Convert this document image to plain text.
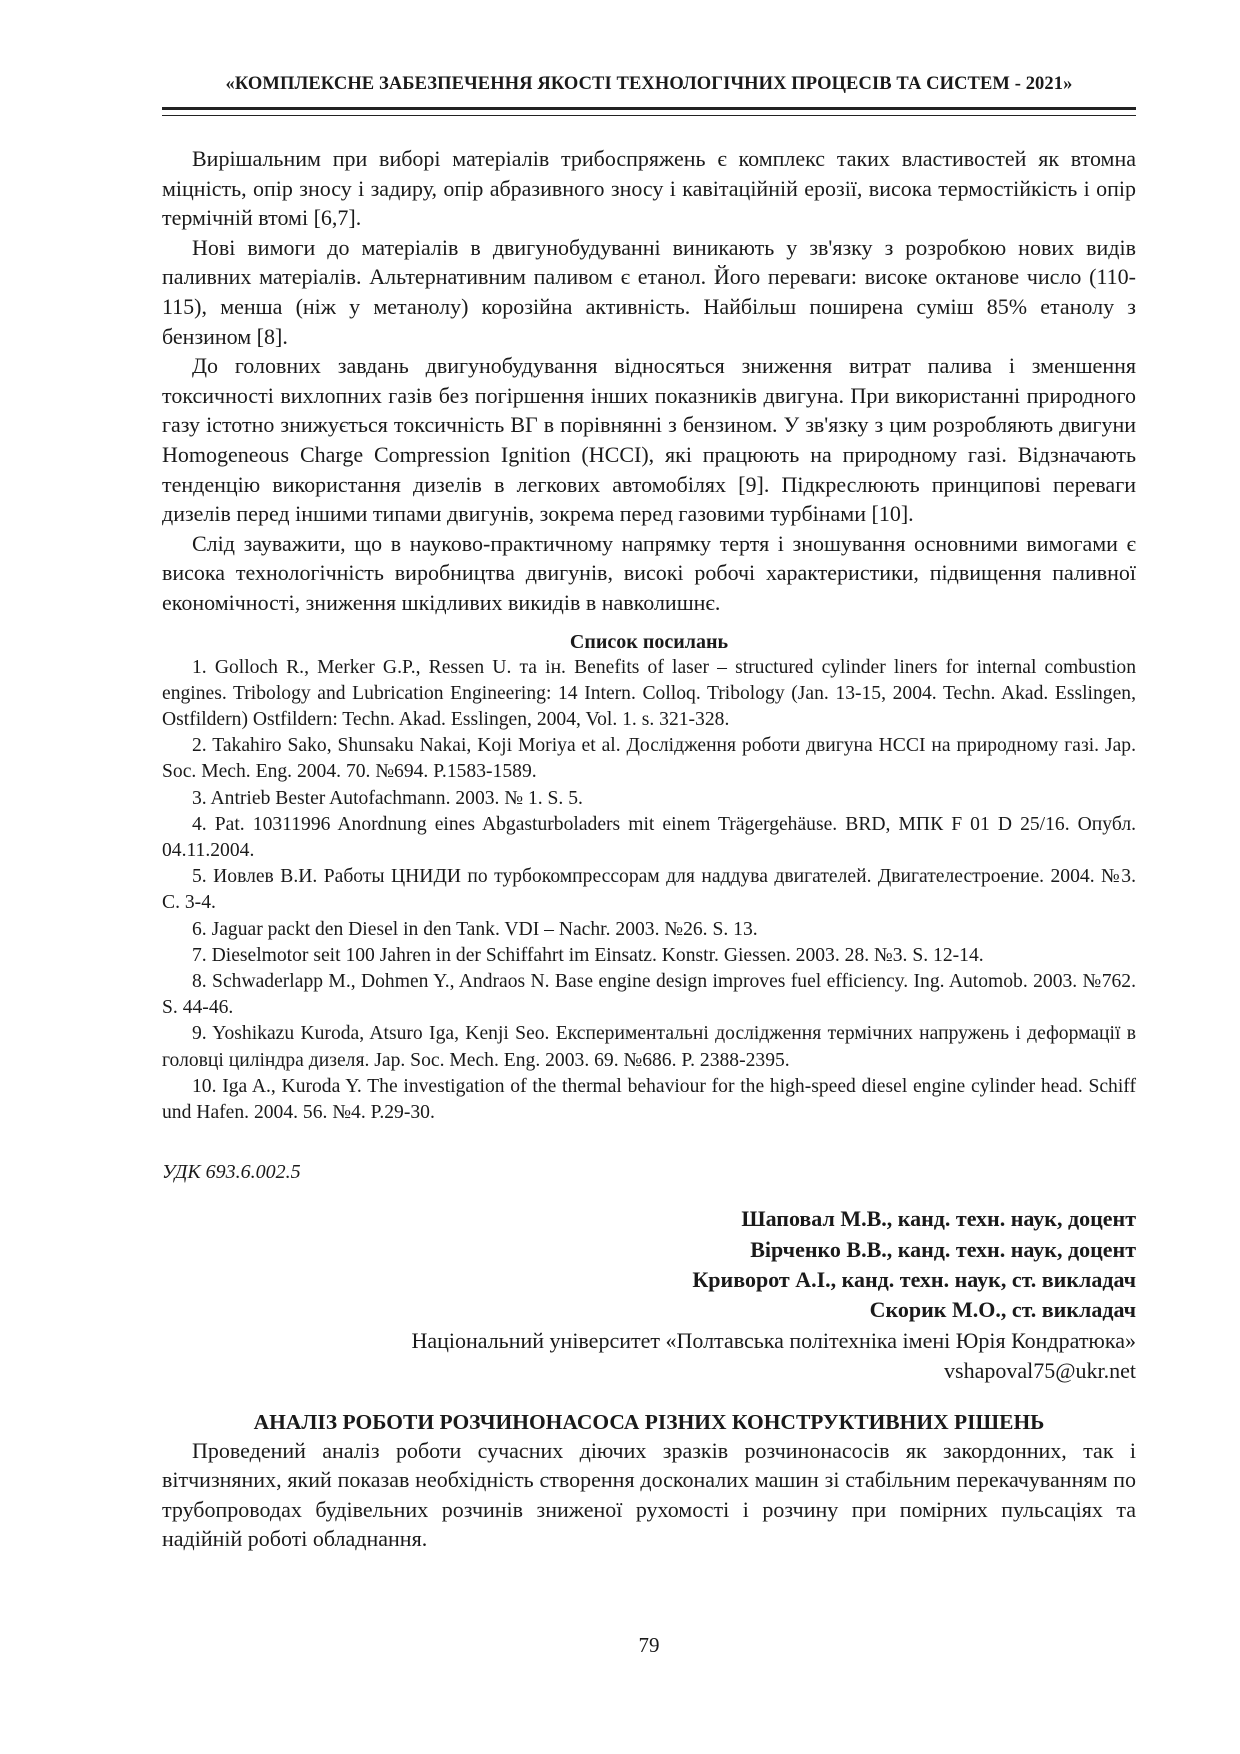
«КОМПЛЕКСНЕ ЗАБЕЗПЕЧЕННЯ ЯКОСТІ ТЕХНОЛОГІЧНИХ ПРОЦЕСІВ ТА СИСТЕМ - 2021»

Вирішальним при виборі матеріалів трибоспряжень є комплекс таких властивостей як втомна міцність, опір зносу і задиру, опір абразивного зносу і кавітаційній ерозії, висока термостійкість і опір термічній втомі [6,7].

Нові вимоги до матеріалів в двигунобудуванні виникають у зв'язку з розробкою нових видів паливних матеріалів. Альтернативним паливом є етанол. Його переваги: високе октанове число (110-115), менша (ніж у метанолу) корозійна активність. Найбільш поширена суміш 85% етанолу з бензином [8].

До головних завдань двигунобудування відносяться зниження витрат палива і зменшення токсичності вихлопних газів без погіршення інших показників двигуна. При використанні природного газу істотно знижується токсичність ВГ в порівнянні з бензином. У зв'язку з цим розробляють двигуни Homogeneous Charge Compression Ignition (HCCI), які працюють на природному газі. Відзначають тенденцію використання дизелів в легкових автомобілях [9]. Підкреслюють принципові переваги дизелів перед іншими типами двигунів, зокрема перед газовими турбінами [10].

Слід зауважити, що в науково-практичному напрямку тертя і зношування основними вимогами є висока технологічність виробництва двигунів, високі робочі характеристики, підвищення паливної економічності, зниження шкідливих викидів в навколишнє.

Список посилань
1. Golloch R., Merker G.P., Ressen U. та ін. Benefits of laser – structured cylinder liners for internal combustion engines. Tribology and Lubrication Engineering: 14 Intern. Colloq. Tribology (Jan. 13-15, 2004. Techn. Akad. Esslingen, Ostfildern) Ostfildern: Techn. Akad. Esslingen, 2004, Vol. 1. s. 321-328.
2. Takahiro Sako, Shunsaku Nakai, Koji Moriya et al. Дослідження роботи двигуна HCCI на природному газі. Jap. Soc. Mech. Eng. 2004. 70. №694. P.1583-1589.
3. Antrieb Bester Autofachmann. 2003. № 1. S. 5.
4. Pat. 10311996 Anordnung eines Abgasturboladers mit einem Trägergehäuse. BRD, МПК F 01 D 25/16. Опубл. 04.11.2004.
5. Иовлев В.И. Работы ЦНИДИ по турбокомпрессорам для наддува двигателей. Двигателестроение. 2004. №3. С. 3-4.
6. Jaguar packt den Diesel in den Tank. VDI – Nachr. 2003. №26. S. 13.
7. Dieselmotor seit 100 Jahren in der Schiffahrt im Einsatz. Konstr. Giessen. 2003. 28. №3. S. 12-14.
8. Schwaderlapp M., Dohmen Y., Andraos N. Base engine design improves fuel efficiency. Ing. Automob. 2003. №762. S. 44-46.
9. Yoshikazu Kuroda, Atsuro Iga, Kenji Seo. Експериментальні дослідження термічних напружень і деформації в головці циліндра дизеля. Jap. Soc. Mech. Eng. 2003. 69. №686. P. 2388-2395.
10. Iga A., Kuroda Y. The investigation of the thermal behaviour for the high-speed diesel engine cylinder head. Schiff und Hafen. 2004. 56. №4. P.29-30.
УДК 693.6.002.5
Шаповал М.В., канд. техн. наук, доцент
Вірченко В.В., канд. техн. наук, доцент
Криворот А.І., канд. техн. наук, ст. викладач
Скорик М.О., ст. викладач
Національний університет «Полтавська політехніка імені Юрія Кондратюка»
vshapoval75@ukr.net
АНАЛІЗ РОБОТИ РОЗЧИНОНАСОСА РІЗНИХ КОНСТРУКТИВНИХ РІШЕНЬ

Проведений аналіз роботи сучасних діючих зразків розчинонасосів як закордонних, так і вітчизняних, який показав необхідність створення досконалих машин зі стабільним перекачуванням по трубопроводах будівельних розчинів зниженої рухомості і розчину при помірних пульсаціях та надійній роботі обладнання.

79
